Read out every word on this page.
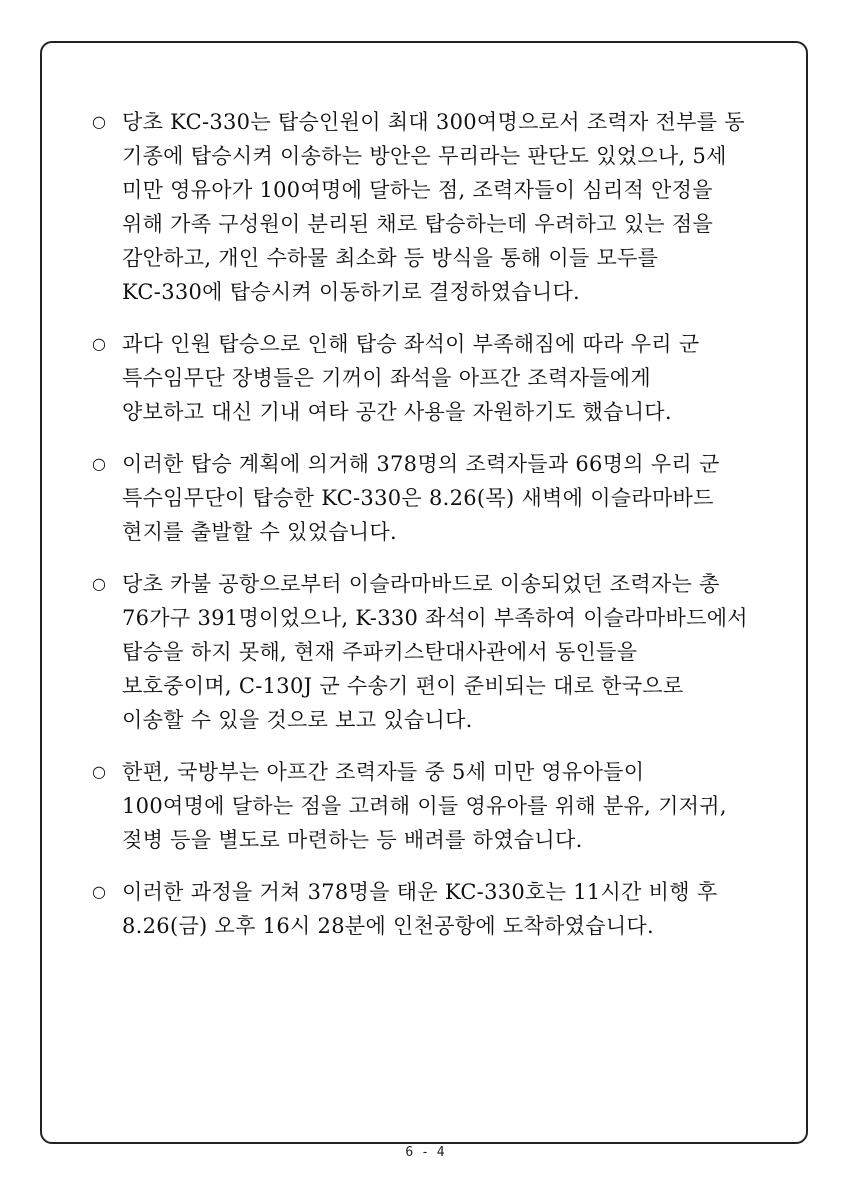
○ 당초 KC-330는 탑승인원이 최대 300여명으로서 조력자 전부를 동
기종에 탑승시켜 이송하는 방안은 무리라는 판단도 있었으나, 5세
미만 영유아가 100여명에 달하는 점, 조력자들이 심리적 안정을
위해 가족 구성원이 분리된 채로 탑승하는데 우려하고 있는 점을
감안하고, 개인 수하물 최소화 등 방식을 통해 이들 모두를
KC-330에 탑승시켜 이동하기로 결정하였습니다.
○ 과다 인원 탑승으로 인해 탑승 좌석이 부족해짐에 따라 우리 군
특수임무단 장병들은 기꺼이 좌석을 아프간 조력자들에게
양보하고 대신 기내 여타 공간 사용을 자원하기도 했습니다.
○ 이러한 탑승 계획에 의거해 378명의 조력자들과 66명의 우리 군
특수임무단이 탑승한 KC-330은 8.26(목) 새벽에 이슬라마바드
현지를 출발할 수 있었습니다.
○ 당초 카불 공항으로부터 이슬라마바드로 이송되었던 조력자는 총
76가구 391명이었으나, K-330 좌석이 부족하여 이슬라마바드에서
탑승을 하지 못해, 현재 주파키스탄대사관에서 동인들을
보호중이며, C-130J 군 수송기 편이 준비되는 대로 한국으로
이송할 수 있을 것으로 보고 있습니다.
○ 한편, 국방부는 아프간 조력자들 중 5세 미만 영유아들이
100여명에 달하는 점을 고려해 이들 영유아를 위해 분유, 기저귀,
젖병 등을 별도로 마련하는 등 배려를 하였습니다.
○ 이러한 과정을 거쳐 378명을 태운 KC-330호는 11시간 비행 후
8.26(금) 오후 16시 28분에 인천공항에 도착하였습니다.
6 - 4
